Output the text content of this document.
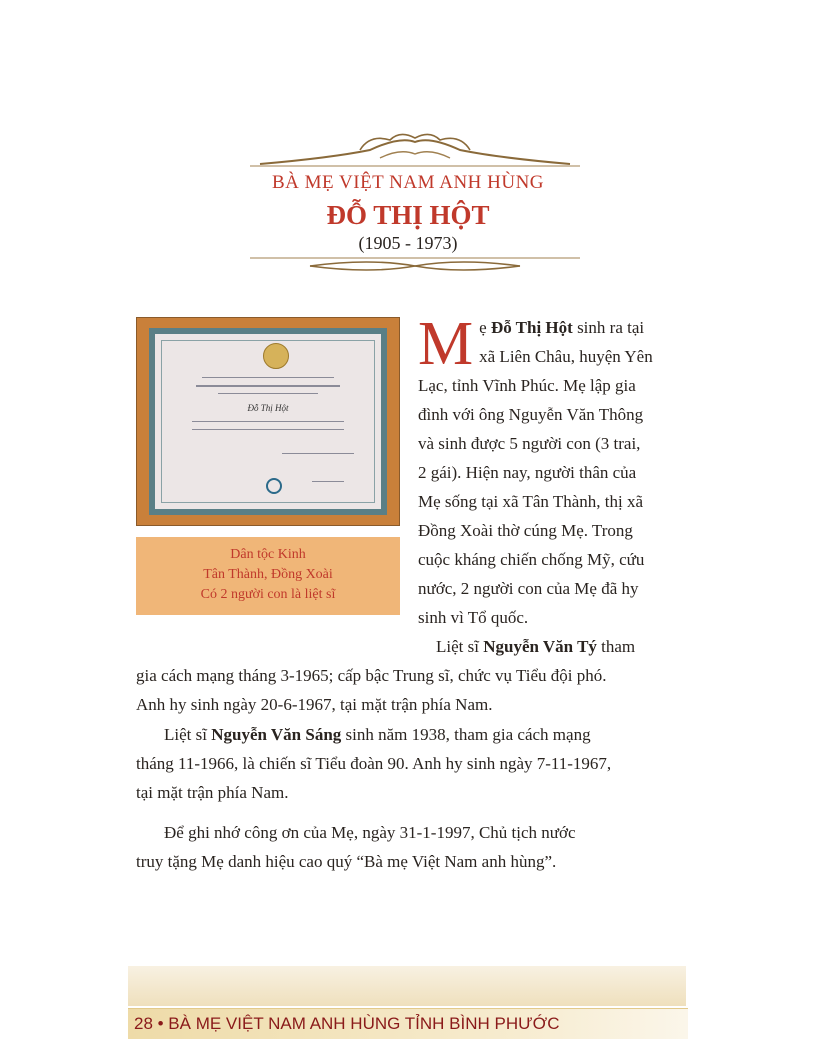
BÀ MẸ VIỆT NAM ANH HÙNG
ĐỖ THỊ HỘT
(1905 - 1973)
Đỗ Thị Hột
Dân tộc Kinh
Tân Thành, Đồng Xoài
Có 2 người con là liệt sĩ
M ẹ Đỗ Thị Hột sinh ra tại
xã Liên Châu, huyện Yên
Lạc, tỉnh Vĩnh Phúc. Mẹ lập gia
đình với ông Nguyễn Văn Thông
và sinh được 5 người con (3 trai,
2 gái). Hiện nay, người thân của
Mẹ sống tại xã Tân Thành, thị xã
Đồng Xoài thờ cúng Mẹ. Trong
cuộc kháng chiến chống Mỹ, cứu
nước, 2 người con của Mẹ đã hy
sinh vì Tổ quốc.
Liệt sĩ Nguyễn Văn Tý tham
gia cách mạng tháng 3-1965; cấp bậc Trung sĩ, chức vụ Tiểu đội phó.
Anh hy sinh ngày 20-6-1967, tại mặt trận phía Nam.
Liệt sĩ Nguyễn Văn Sáng sinh năm 1938, tham gia cách mạng
tháng 11-1966, là chiến sĩ Tiểu đoàn 90. Anh hy sinh ngày 7-11-1967,
tại mặt trận phía Nam.
Để ghi nhớ công ơn của Mẹ, ngày 31-1-1997, Chủ tịch nước
truy tặng Mẹ danh hiệu cao quý “Bà mẹ Việt Nam anh hùng”.
28 • BÀ MẸ VIỆT NAM ANH HÙNG TỈNH BÌNH PHƯỚC
